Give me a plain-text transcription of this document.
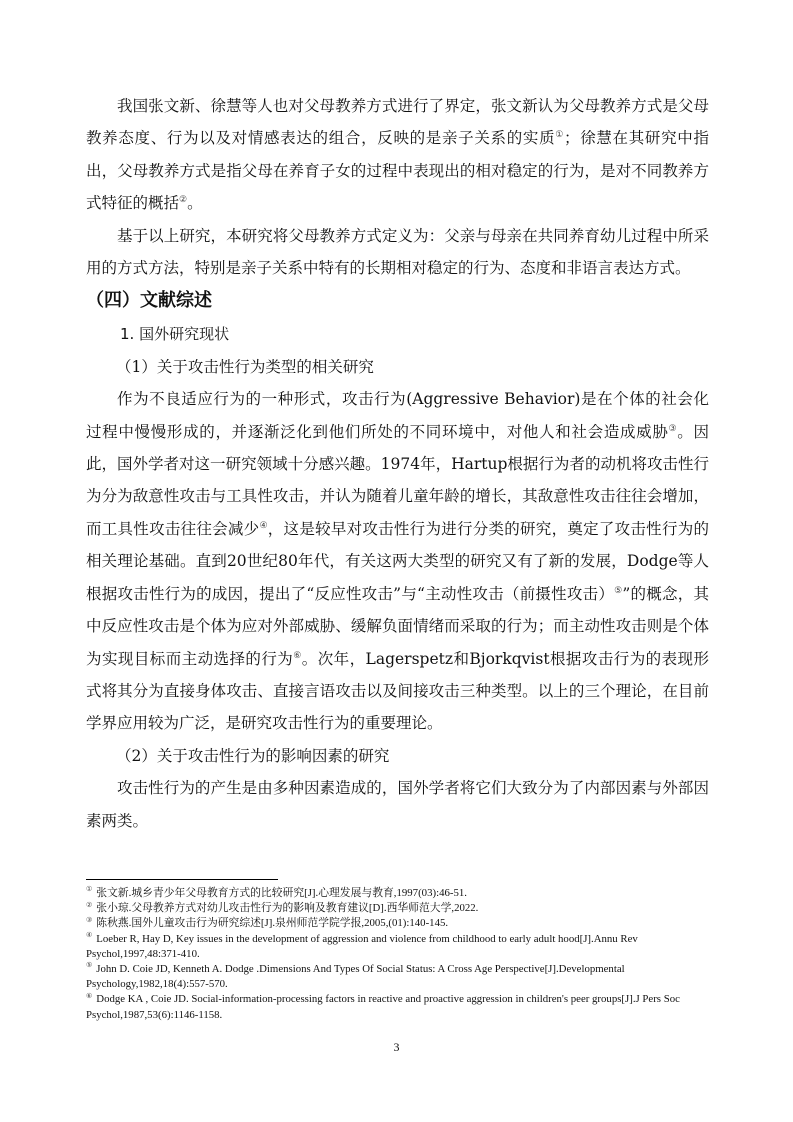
我国张文新、徐慧等人也对父母教养方式进行了界定，张文新认为父母教养方式是父母教养态度、行为以及对情感表达的组合，反映的是亲子关系的实质①；徐慧在其研究中指出，父母教养方式是指父母在养育子女的过程中表现出的相对稳定的行为，是对不同教养方式特征的概括②。

基于以上研究，本研究将父母教养方式定义为：父亲与母亲在共同养育幼儿过程中所采用的方式方法，特别是亲子关系中特有的长期相对稳定的行为、态度和非语言表达方式。

（四）文献综述

1. 国外研究现状

（1）关于攻击性行为类型的相关研究

作为不良适应行为的一种形式，攻击行为(Aggressive Behavior)是在个体的社会化过程中慢慢形成的，并逐渐泛化到他们所处的不同环境中，对他人和社会造成威胁③。因此，国外学者对这一研究领域十分感兴趣。1974年，Hartup根据行为者的动机将攻击性行为分为敌意性攻击与工具性攻击，并认为随着儿童年龄的增长，其敌意性攻击往往会增加，而工具性攻击往往会减少④，这是较早对攻击性行为进行分类的研究，奠定了攻击性行为的相关理论基础。直到20世纪80年代，有关这两大类型的研究又有了新的发展，Dodge等人根据攻击性行为的成因，提出了“反应性攻击”与“主动性攻击（前摄性攻击）⑤”的概念，其中反应性攻击是个体为应对外部威胁、缓解负面情绪而采取的行为；而主动性攻击则是个体为实现目标而主动选择的行为⑥。次年，Lagerspetz和Bjorkqvist根据攻击行为的表现形式将其分为直接身体攻击、直接言语攻击以及间接攻击三种类型。以上的三个理论，在目前学界应用较为广泛，是研究攻击性行为的重要理论。

（2）关于攻击性行为的影响因素的研究

攻击性行为的产生是由多种因素造成的，国外学者将它们大致分为了内部因素与外部因素两类。

① 张文新.城乡青少年父母教育方式的比较研究[J].心理发展与教育,1997(03):46-51.

② 张小琼.父母教养方式对幼儿攻击性行为的影响及教育建议[D].西华师范大学,2022.

③ 陈秋燕.国外儿童攻击行为研究综述[J].泉州师范学院学报,2005,(01):140-145.

④ Loeber R, Hay D, Key issues in the development of aggression and violence from childhood to early adult hood[J].Annu Rev Psychol,1997,48:371-410.

⑤ John D. Coie JD, Kenneth A. Dodge .Dimensions And Types Of Social Status: A Cross Age Perspective[J].Developmental Psychology,1982,18(4):557-570.

⑥ Dodge KA , Coie JD. Social-information-processing factors in reactive and proactive aggression in children's peer groups[J].J Pers Soc Psychol,1987,53(6):1146-1158.

3
